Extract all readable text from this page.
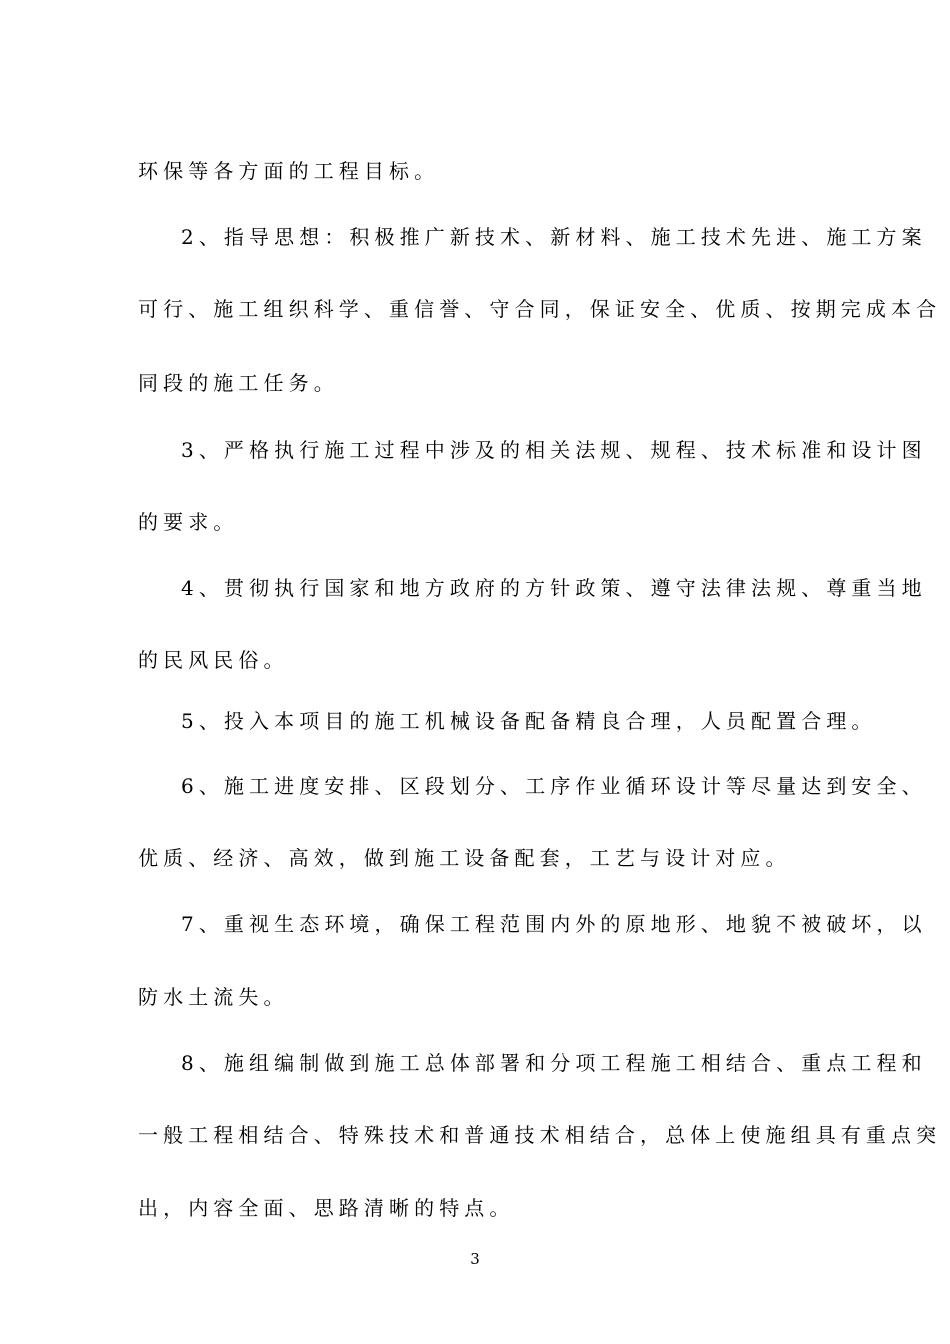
环保等各方面的工程目标。
2、指导思想：积极推广新技术、新材料、施工技术先进、施工方案
可行、施工组织科学、重信誉、守合同，保证安全、优质、按期完成本合
同段的施工任务。
3、严格执行施工过程中涉及的相关法规、规程、技术标准和设计图
的要求。
4、贯彻执行国家和地方政府的方针政策、遵守法律法规、尊重当地
的民风民俗。
5、投入本项目的施工机械设备配备精良合理，人员配置合理。
6、施工进度安排、区段划分、工序作业循环设计等尽量达到安全、
优质、经济、高效，做到施工设备配套，工艺与设计对应。
7、重视生态环境，确保工程范围内外的原地形、地貌不被破坏，以
防水土流失。
8、施组编制做到施工总体部署和分项工程施工相结合、重点工程和
一般工程相结合、特殊技术和普通技术相结合，总体上使施组具有重点突
出，内容全面、思路清晰的特点。
3
